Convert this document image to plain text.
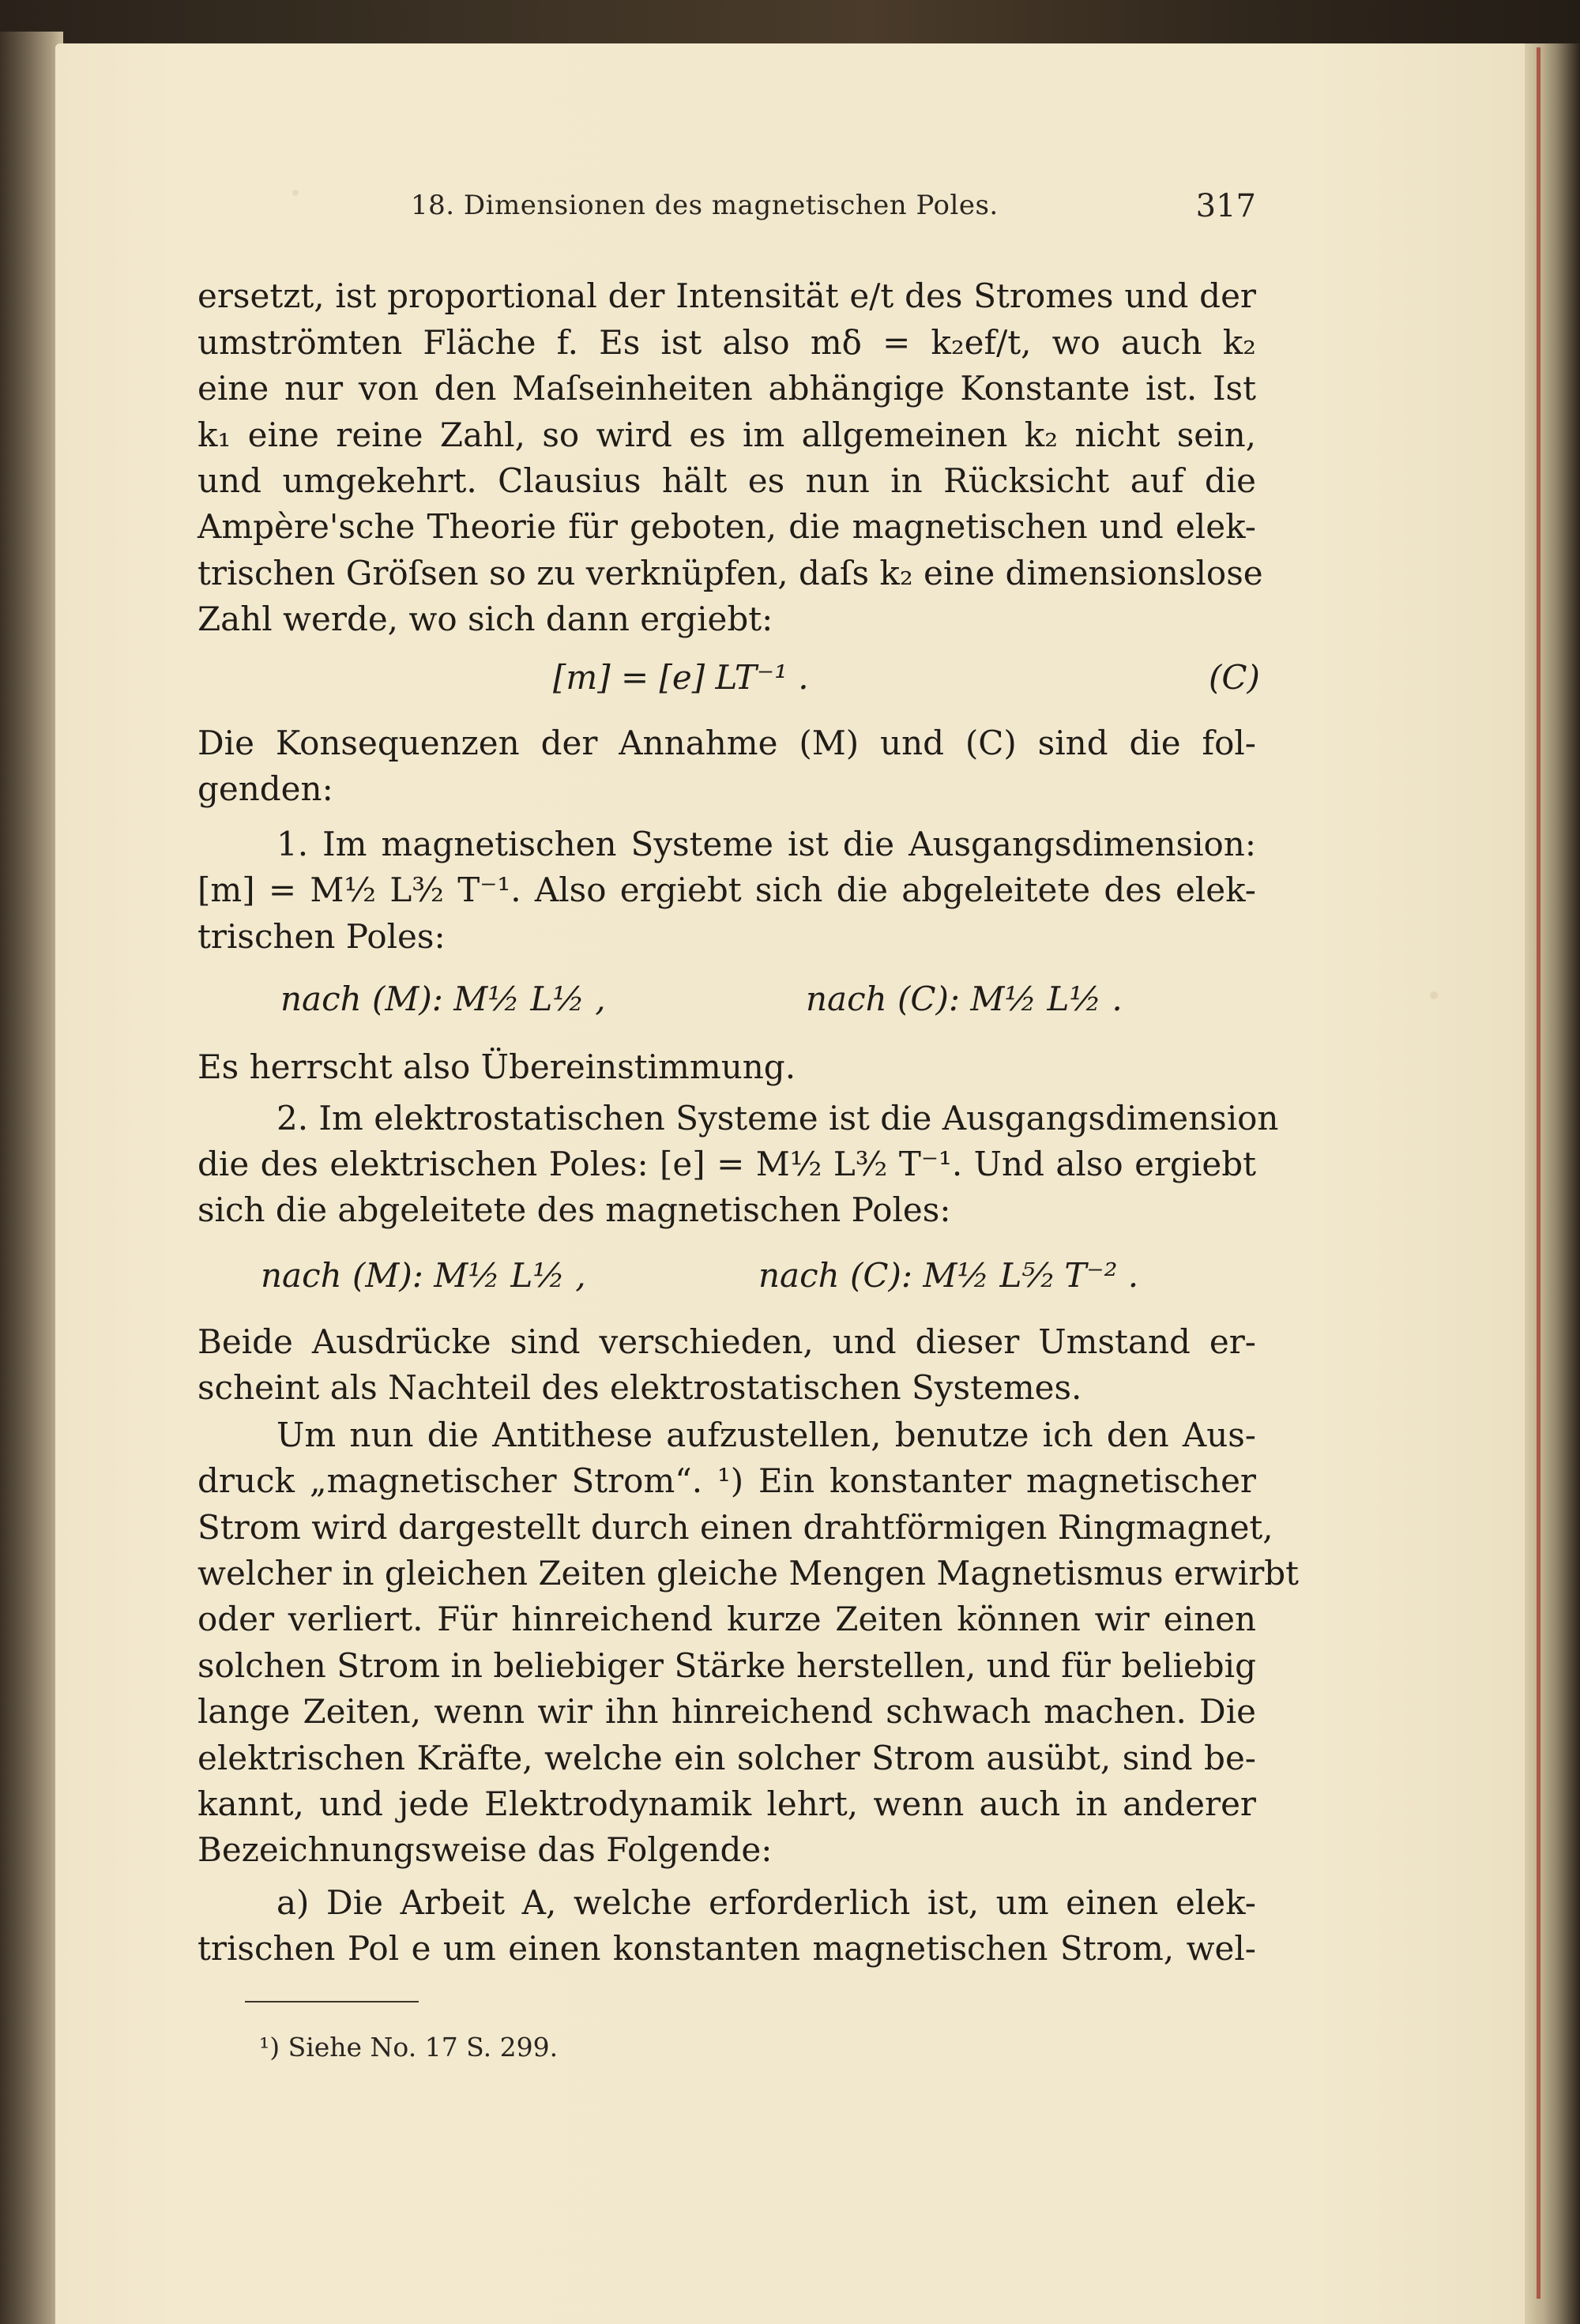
18. Dimensionen des magnetischen Poles.	317
ersetzt, ist proportional der Intensität e/t des Stromes und der
umströmten Fläche f. Es ist also mδ = k₂ef/t, wo auch k₂
eine nur von den Maſseinheiten abhängige Konstante ist. Ist
k₁ eine reine Zahl, so wird es im allgemeinen k₂ nicht sein,
und umgekehrt. Clausius hält es nun in Rücksicht auf die
Ampère'sche Theorie für geboten, die magnetischen und elek-
trischen Gröſsen so zu verknüpfen, daſs k₂ eine dimensionslose
Zahl werde, wo sich dann ergiebt:
[m] = [e] LT⁻¹ .	(C)
Die Konsequenzen der Annahme (M) und (C) sind die fol-
genden:
1. Im magnetischen Systeme ist die Ausgangsdimension:
[m] = M½ L³⁄₂ T⁻¹. Also ergiebt sich die abgeleitete des elek-
trischen Poles:
nach (M): M½ L½ ,	nach (C): M½ L½ .
Es herrscht also Übereinstimmung.
2. Im elektrostatischen Systeme ist die Ausgangsdimension
die des elektrischen Poles: [e] = M½ L³⁄₂ T⁻¹. Und also ergiebt
sich die abgeleitete des magnetischen Poles:
nach (M): M½ L½ ,	nach (C): M½ L⁵⁄₂ T⁻² .
Beide Ausdrücke sind verschieden, und dieser Umstand er-
scheint als Nachteil des elektrostatischen Systemes.
Um nun die Antithese aufzustellen, benutze ich den Aus-
druck „magnetischer Strom“. ¹) Ein konstanter magnetischer
Strom wird dargestellt durch einen drahtförmigen Ringmagnet,
welcher in gleichen Zeiten gleiche Mengen Magnetismus erwirbt
oder verliert. Für hinreichend kurze Zeiten können wir einen
solchen Strom in beliebiger Stärke herstellen, und für beliebig
lange Zeiten, wenn wir ihn hinreichend schwach machen. Die
elektrischen Kräfte, welche ein solcher Strom ausübt, sind be-
kannt, und jede Elektrodynamik lehrt, wenn auch in anderer
Bezeichnungsweise das Folgende:
a) Die Arbeit A, welche erforderlich ist, um einen elek-
trischen Pol e um einen konstanten magnetischen Strom, wel-
¹) Siehe No. 17 S. 299.
